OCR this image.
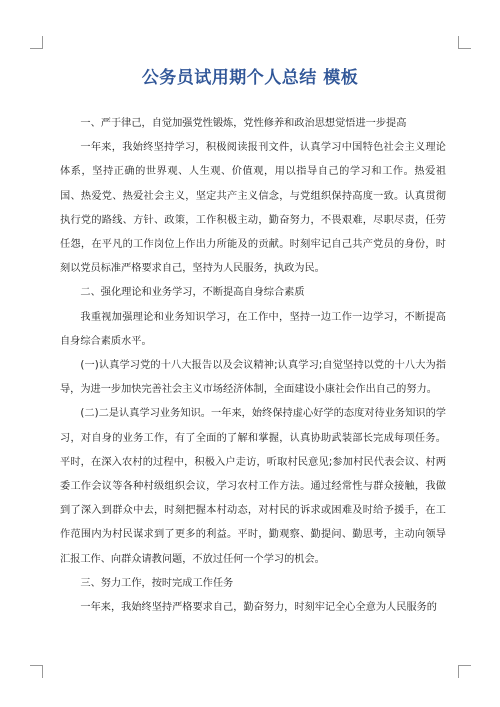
公务员试用期个人总结 模板

一、严于律己，自觉加强党性锻炼，党性修养和政治思想觉悟进一步提高

一年来，我始终坚持学习，积极阅读报刊文件，认真学习中国特色社会主义理论体系，坚持正确的世界观、人生观、价值观，用以指导自己的学习和工作。热爱祖国、热爱党、热爱社会主义，坚定共产主义信念，与党组织保持高度一致。认真贯彻执行党的路线、方针、政策，工作积极主动，勤奋努力，不畏艰难，尽职尽责，任劳任怨，在平凡的工作岗位上作出力所能及的贡献。时刻牢记自己共产党员的身份，时刻以党员标准严格要求自己，坚持为人民服务，执政为民。

二、强化理论和业务学习，不断提高自身综合素质

我重视加强理论和业务知识学习，在工作中，坚持一边工作一边学习，不断提高自身综合素质水平。

(一)认真学习党的十八大报告以及会议精神;认真学习;自觉坚持以党的十八大为指导，为进一步加快完善社会主义市场经济体制，全面建设小康社会作出自己的努力。

(二)二是认真学习业务知识。一年来，始终保持虚心好学的态度对待业务知识的学习，对自身的业务工作，有了全面的了解和掌握，认真协助武装部长完成每项任务。平时，在深入农村的过程中，积极入户走访，听取村民意见;参加村民代表会议、村两委工作会议等各种村级组织会议，学习农村工作方法。通过经常性与群众接触，我做到了深入到群众中去，时刻把握本村动态，对村民的诉求或困难及时给予援手，在工作范围内为村民谋求到了更多的利益。平时，勤观察、勤提问、勤思考，主动向领导汇报工作、向群众请教问题，不放过任何一个学习的机会。

三、努力工作，按时完成工作任务

一年来，我始终坚持严格要求自己，勤奋努力，时刻牢记全心全意为人民服务的
